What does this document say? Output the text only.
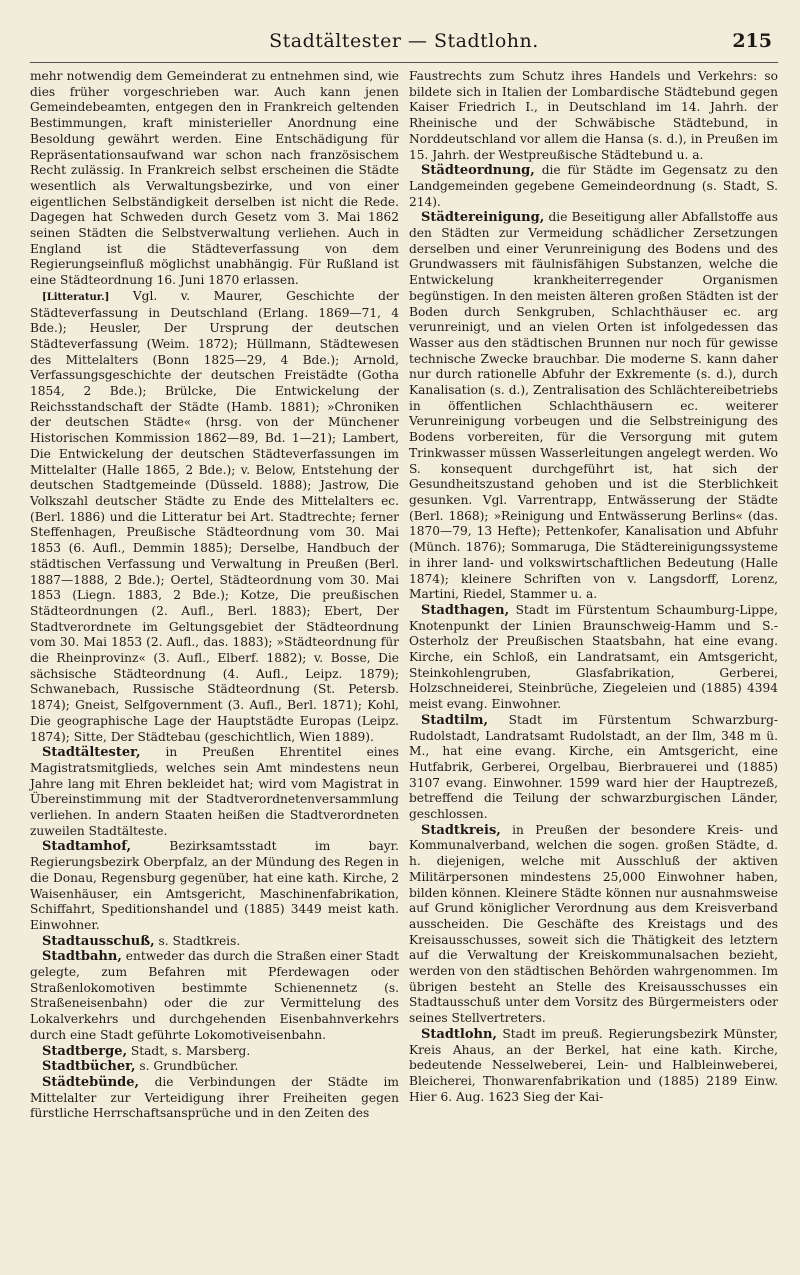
Stadtältester — Stadtlohn.	215

mehr notwendig dem Gemeinderat zu entnehmen sind, wie dies früher vorgeschrieben war. Auch kann jenen Gemeindebeamten, entgegen den in Frankreich geltenden Bestimmungen, kraft ministerieller Anordnung eine Besoldung gewährt werden. Eine Entschädigung für Repräsentationsaufwand war schon nach französischem Recht zulässig. In Frankreich selbst erscheinen die Städte wesentlich als Verwaltungsbezirke, und von einer eigentlichen Selbständigkeit derselben ist nicht die Rede. Dagegen hat Schweden durch Gesetz vom 3. Mai 1862 seinen Städten die Selbstverwaltung verliehen. Auch in England ist die Städteverfassung von dem Regierungseinfluß möglichst unabhängig. Für Rußland ist eine Städteordnung 16. Juni 1870 erlassen.

[Litteratur.] Vgl. v. Maurer, Geschichte der Städteverfassung in Deutschland (Erlang. 1869—71, 4 Bde.); Heusler, Der Ursprung der deutschen Städteverfassung (Weim. 1872); Hüllmann, Städtewesen des Mittelalters (Bonn 1825—29, 4 Bde.); Arnold, Verfassungsgeschichte der deutschen Freistädte (Gotha 1854, 2 Bde.); Brülcke, Die Entwickelung der Reichsstandschaft der Städte (Hamb. 1881); »Chroniken der deutschen Städte« (hrsg. von der Münchener Historischen Kommission 1862—89, Bd. 1—21); Lambert, Die Entwickelung der deutschen Städteverfassungen im Mittelalter (Halle 1865, 2 Bde.); v. Below, Entstehung der deutschen Stadtgemeinde (Düsseld. 1888); Jastrow, Die Volkszahl deutscher Städte zu Ende des Mittelalters ec. (Berl. 1886) und die Litteratur bei Art. Stadtrechte; ferner Steffenhagen, Preußische Städteordnung vom 30. Mai 1853 (6. Aufl., Demmin 1885); Derselbe, Handbuch der städtischen Verfassung und Verwaltung in Preußen (Berl. 1887—1888, 2 Bde.); Oertel, Städteordnung vom 30. Mai 1853 (Liegn. 1883, 2 Bde.); Kotze, Die preußischen Städteordnungen (2. Aufl., Berl. 1883); Ebert, Der Stadtverordnete im Geltungsgebiet der Städteordnung vom 30. Mai 1853 (2. Aufl., das. 1883); »Städteordnung für die Rheinprovinz« (3. Aufl., Elberf. 1882); v. Bosse, Die sächsische Städteordnung (4. Aufl., Leipz. 1879); Schwanebach, Russische Städteordnung (St. Petersb. 1874); Gneist, Selfgovernment (3. Aufl., Berl. 1871); Kohl, Die geographische Lage der Hauptstädte Europas (Leipz. 1874); Sitte, Der Städtebau (geschichtlich, Wien 1889).

Stadtältester, in Preußen Ehrentitel eines Magistratsmitglieds, welches sein Amt mindestens neun Jahre lang mit Ehren bekleidet hat; wird vom Magistrat in Übereinstimmung mit der Stadtverordnetenversammlung verliehen. In andern Staaten heißen die Stadtverordneten zuweilen Stadtälteste.

Stadtamhof, Bezirksamtsstadt im bayr. Regierungsbezirk Oberpfalz, an der Mündung des Regen in die Donau, Regensburg gegenüber, hat eine kath. Kirche, 2 Waisenhäuser, ein Amtsgericht, Maschinenfabrikation, Schiffahrt, Speditionshandel und (1885) 3449 meist kath. Einwohner.

Stadtausschuß, s. Stadtkreis.

Stadtbahn, entweder das durch die Straßen einer Stadt gelegte, zum Befahren mit Pferdewagen oder Straßenlokomotiven bestimmte Schienennetz (s. Straßeneisenbahn) oder die zur Vermittelung des Lokalverkehrs und durchgehenden Eisenbahnverkehrs durch eine Stadt geführte Lokomotiveisenbahn.

Stadtberge, Stadt, s. Marsberg.

Stadtbücher, s. Grundbücher.

Städtebünde, die Verbindungen der Städte im Mittelalter zur Verteidigung ihrer Freiheiten gegen fürstliche Herrschaftsansprüche und in den Zeiten des

Faustrechts zum Schutz ihres Handels und Verkehrs: so bildete sich in Italien der Lombardische Städtebund gegen Kaiser Friedrich I., in Deutschland im 14. Jahrh. der Rheinische und der Schwäbische Städtebund, in Norddeutschland vor allem die Hansa (s. d.), in Preußen im 15. Jahrh. der Westpreußische Städtebund u. a.

Städteordnung, die für Städte im Gegensatz zu den Landgemeinden gegebene Gemeindeordnung (s. Stadt, S. 214).

Städtereinigung, die Beseitigung aller Abfallstoffe aus den Städten zur Vermeidung schädlicher Zersetzungen derselben und einer Verunreinigung des Bodens und des Grundwassers mit fäulnisfähigen Substanzen, welche die Entwickelung krankheiterregender Organismen begünstigen. In den meisten älteren großen Städten ist der Boden durch Senkgruben, Schlachthäuser ec. arg verunreinigt, und an vielen Orten ist infolgedessen das Wasser aus den städtischen Brunnen nur noch für gewisse technische Zwecke brauchbar. Die moderne S. kann daher nur durch rationelle Abfuhr der Exkremente (s. d.), durch Kanalisation (s. d.), Zentralisation des Schlächtereibetriebs in öffentlichen Schlachthäusern ec. weiterer Verunreinigung vorbeugen und die Selbstreinigung des Bodens vorbereiten, für die Versorgung mit gutem Trinkwasser müssen Wasserleitungen angelegt werden. Wo S. konsequent durchgeführt ist, hat sich der Gesundheitszustand gehoben und ist die Sterblichkeit gesunken. Vgl. Varrentrapp, Entwässerung der Städte (Berl. 1868); »Reinigung und Entwässerung Berlins« (das. 1870—79, 13 Hefte); Pettenkofer, Kanalisation und Abfuhr (Münch. 1876); Sommaruga, Die Städtereinigungssysteme in ihrer land- und volkswirtschaftlichen Bedeutung (Halle 1874); kleinere Schriften von v. Langsdorff, Lorenz, Martini, Riedel, Stammer u. a.

Stadthagen, Stadt im Fürstentum Schaumburg-Lippe, Knotenpunkt der Linien Braunschweig-Hamm und S.-Osterholz der Preußischen Staatsbahn, hat eine evang. Kirche, ein Schloß, ein Landratsamt, ein Amtsgericht, Steinkohlengruben, Glasfabrikation, Gerberei, Holzschneiderei, Steinbrüche, Ziegeleien und (1885) 4394 meist evang. Einwohner.

Stadtilm, Stadt im Fürstentum Schwarzburg-Rudolstadt, Landratsamt Rudolstadt, an der Ilm, 348 m ü. M., hat eine evang. Kirche, ein Amtsgericht, eine Hutfabrik, Gerberei, Orgelbau, Bierbrauerei und (1885) 3107 evang. Einwohner. 1599 ward hier der Hauptrezeß, betreffend die Teilung der schwarzburgischen Länder, geschlossen.

Stadtkreis, in Preußen der besondere Kreis- und Kommunalverband, welchen die sogen. großen Städte, d. h. diejenigen, welche mit Ausschluß der aktiven Militärpersonen mindestens 25,000 Einwohner haben, bilden können. Kleinere Städte können nur ausnahmsweise auf Grund königlicher Verordnung aus dem Kreisverband ausscheiden. Die Geschäfte des Kreistags und des Kreisausschusses, soweit sich die Thätigkeit des letztern auf die Verwaltung der Kreiskommunalsachen bezieht, werden von den städtischen Behörden wahrgenommen. Im übrigen besteht an Stelle des Kreisausschusses ein Stadtausschuß unter dem Vorsitz des Bürgermeisters oder seines Stellvertreters.

Stadtlohn, Stadt im preuß. Regierungsbezirk Münster, Kreis Ahaus, an der Berkel, hat eine kath. Kirche, bedeutende Nesselweberei, Lein- und Halbleinweberei, Bleicherei, Thonwarenfabrikation und (1885) 2189 Einw. Hier 6. Aug. 1623 Sieg der Kai-
